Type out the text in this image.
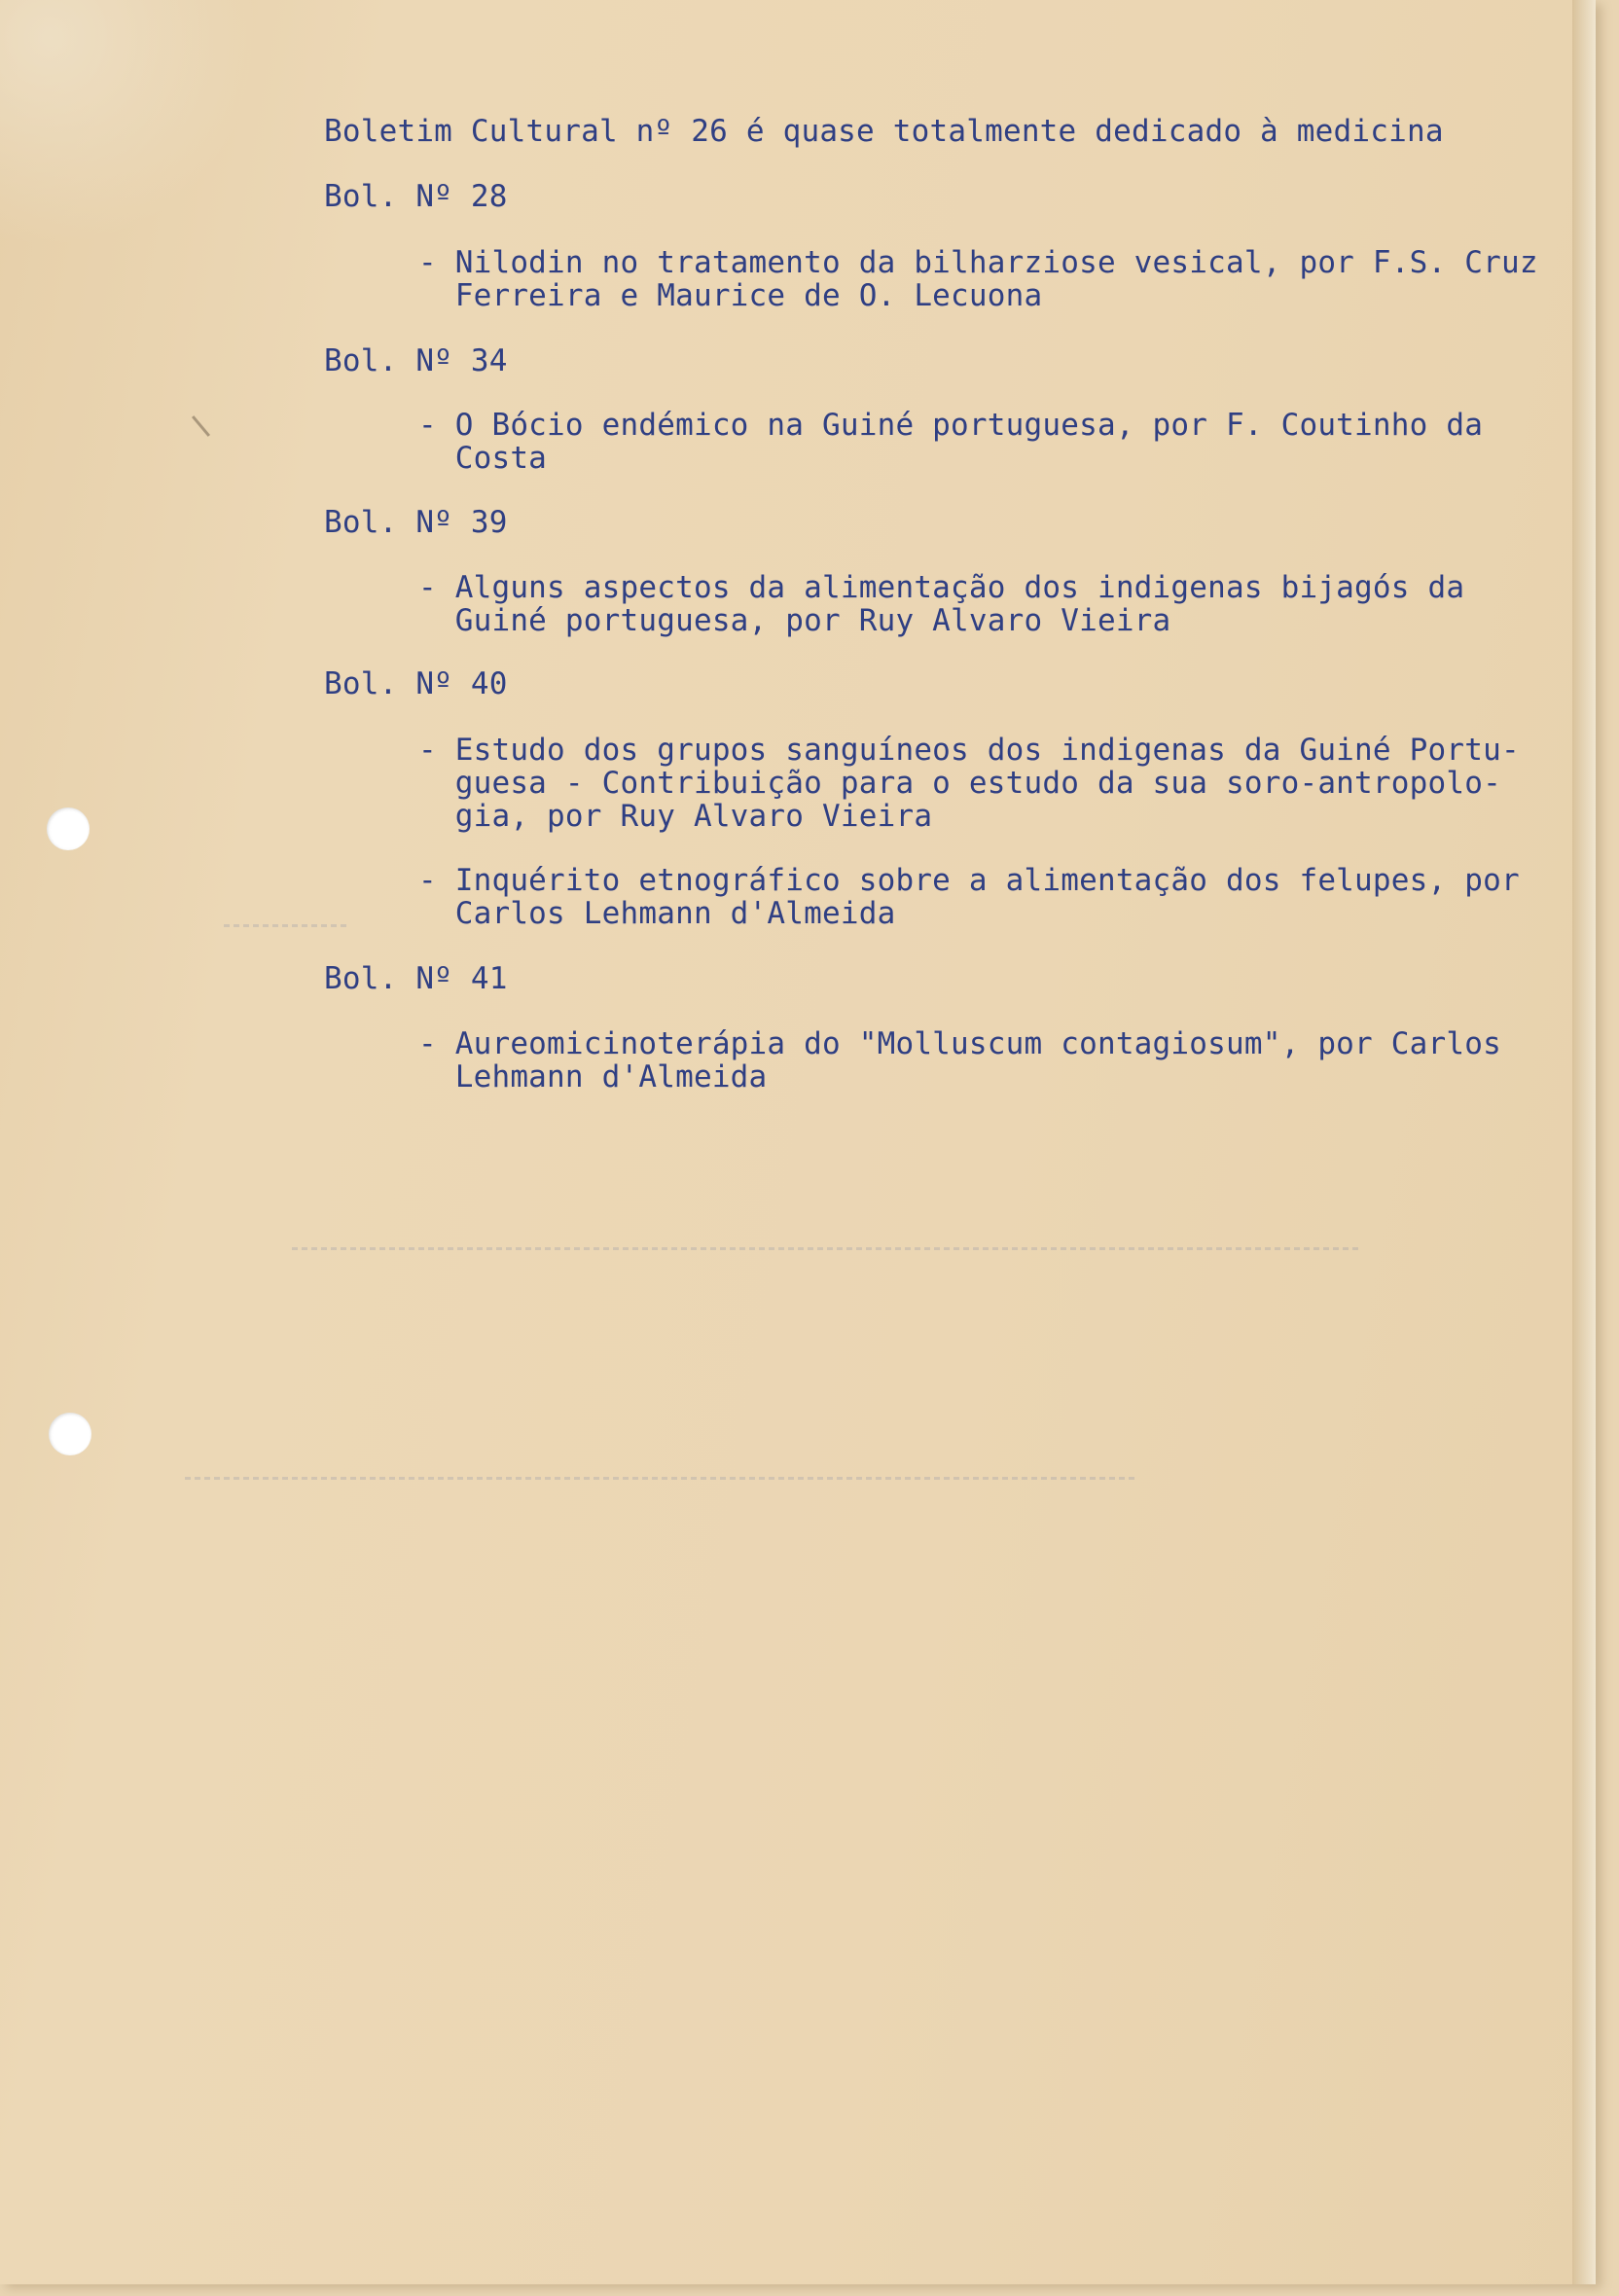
Boletim Cultural nº 26 é quase totalmente dedicado à medicina

Bol. Nº 28

- Nilodin no tratamento da bilharziose vesical, por F.S. Cruz

Ferreira e Maurice de O. Lecuona

Bol. Nº 34

- O Bócio endémico na Guiné portuguesa, por F. Coutinho da

Costa

Bol. Nº 39

- Alguns aspectos da alimentação dos indigenas bijagós da

Guiné portuguesa, por Ruy Alvaro Vieira

Bol. Nº 40

- Estudo dos grupos sanguíneos dos indigenas da Guiné Portu-

guesa - Contribuição para o estudo da sua soro-antropolo-

gia, por Ruy Alvaro Vieira

- Inquérito etnográfico sobre a alimentação dos felupes, por

Carlos Lehmann d'Almeida

Bol. Nº 41

- Aureomicinoterápia do "Molluscum contagiosum", por Carlos

Lehmann d'Almeida
